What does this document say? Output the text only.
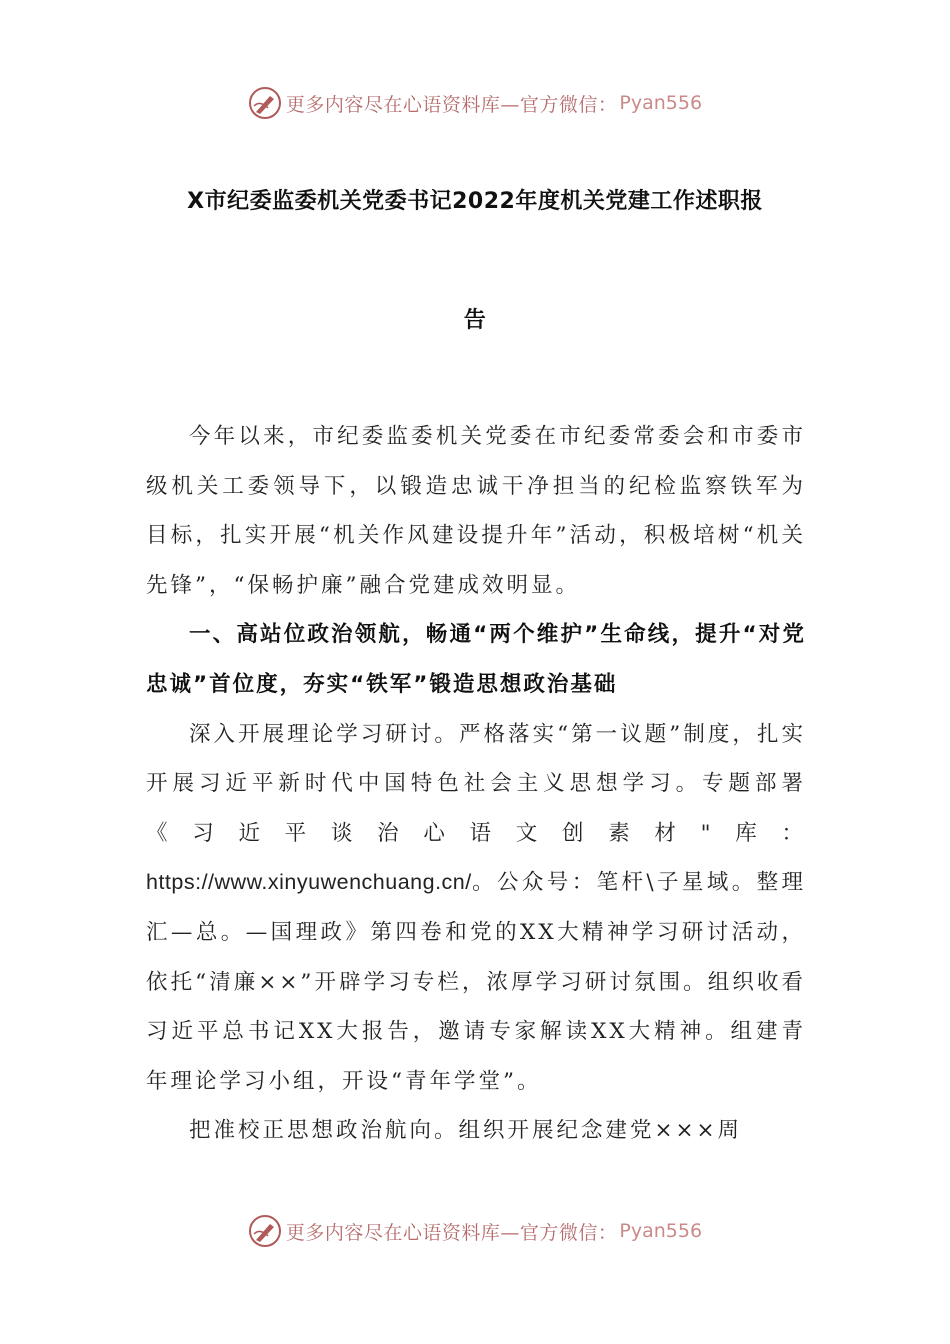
更多内容尽在心语资料库—官方微信： Pyan556
X市纪委监委机关党委书记2022年度机关党建工作述职报
告

今年以来，市纪委监委机关党委在市纪委常委会和市委市级机关工委领导下，以锻造忠诚干净担当的纪检监察铁军为目标，扎实开展“机关作风建设提升年”活动，积极培树“机关先锋”，“保畅护廉”融合党建成效明显。

一、高站位政治领航，畅通“两个维护”生命线，提升“对党忠诚”首位度，夯实“铁军”锻造思想政治基础

深入开展理论学习研讨。严格落实“第一议题”制度，扎实开展习近平新时代中国特色社会主义思想学习。专题部署《习近平谈治心语文创素材"库：https://www.xinyuwenchuang.cn/。公众号：笔杆\子星域。整理汇—总。—国理政》第四卷和党的XX大精神学习研讨活动，依托“清廉××”开辟学习专栏，浓厚学习研讨氛围。组织收看习近平总书记XX大报告，邀请专家解读XX大精神。组建青年理论学习小组，开设“青年学堂”。

把准校正思想政治航向。组织开展纪念建党×××周

更多内容尽在心语资料库—官方微信： Pyan556
